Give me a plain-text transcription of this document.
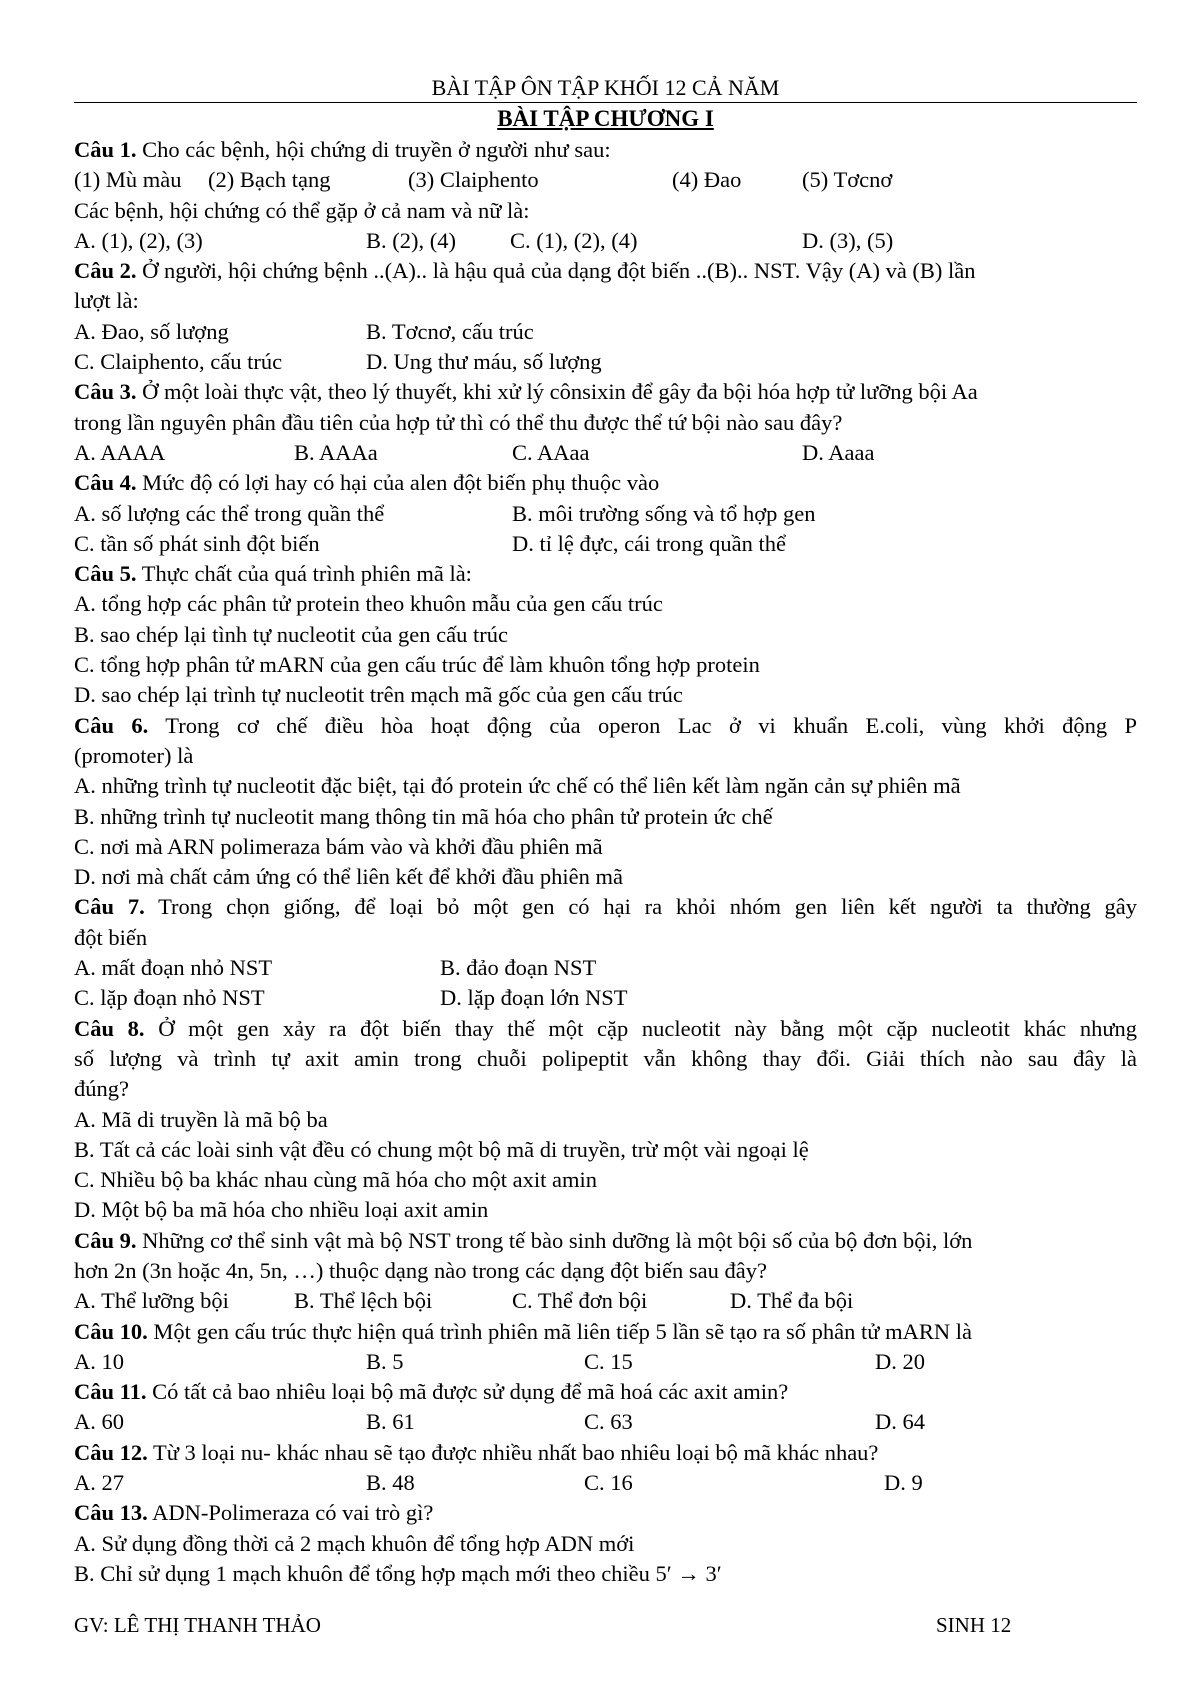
BÀI TẬP ÔN TẬP KHỐI 12 CẢ NĂM
BÀI TẬP CHƯƠNG I
Câu 1. Cho các bệnh, hội chứng di truyền ở người như sau:
(1) Mù màu (2) Bạch tạng	(3) Claiphento	(4) Đao	(5) Tơcnơ
Các bệnh, hội chứng có thể gặp ở cả nam và nữ là:
A. (1), (2), (3)	B. (2), (4) C. (1), (2), (4)	D. (3), (5)
Câu 2. Ở người, hội chứng bệnh ..(A).. là hậu quả của dạng đột biến ..(B).. NST. Vậy (A) và (B) lần
lượt là:
A. Đao, số lượng	B. Tơcnơ, cấu trúc
C. Claiphento, cấu trúc	D. Ung thư máu, số lượng
Câu 3. Ở một loài thực vật, theo lý thuyết, khi xử lý cônsixin để gây đa bội hóa hợp tử lưỡng bội Aa
trong lần nguyên phân đầu tiên của hợp tử thì có thể thu được thể tứ bội nào sau đây?
A. AAAA	B. AAAa	C. AAaa	D. Aaaa
Câu 4. Mức độ có lợi hay có hại của alen đột biến phụ thuộc vào
A. số lượng các thể trong quần thể	B. môi trường sống và tổ hợp gen
C. tần số phát sinh đột biến	D. tỉ lệ đực, cái trong quần thể
Câu 5. Thực chất của quá trình phiên mã là:
A. tổng hợp các phân tử protein theo khuôn mẫu của gen cấu trúc
B. sao chép lại tình tự nucleotit của gen cấu trúc
C. tổng hợp phân tử mARN của gen cấu trúc để làm khuôn tổng hợp protein
D. sao chép lại trình tự nucleotit trên mạch mã gốc của gen cấu trúc
Câu 6. Trong cơ chế điều hòa hoạt động của operon Lac ở vi khuẩn E.coli, vùng khởi động P
(promoter) là
A. những trình tự nucleotit đặc biệt, tại đó protein ức chế có thể liên kết làm ngăn cản sự phiên mã
B. những trình tự nucleotit mang thông tin mã hóa cho phân tử protein ức chế
C. nơi mà ARN polimeraza bám vào và khởi đầu phiên mã
D. nơi mà chất cảm ứng có thể liên kết để khởi đầu phiên mã
Câu 7. Trong chọn giống, để loại bỏ một gen có hại ra khỏi nhóm gen liên kết người ta thường gây
đột biến
A. mất đoạn nhỏ NST	B. đảo đoạn NST
C. lặp đoạn nhỏ NST	D. lặp đoạn lớn NST
Câu 8. Ở một gen xảy ra đột biến thay thế một cặp nucleotit này bằng một cặp nucleotit khác nhưng
số lượng và trình tự axit amin trong chuỗi polipeptit vẫn không thay đổi. Giải thích nào sau đây là
đúng?
A. Mã di truyền là mã bộ ba
B. Tất cả các loài sinh vật đều có chung một bộ mã di truyền, trừ một vài ngoại lệ
C. Nhiều bộ ba khác nhau cùng mã hóa cho một axit amin
D. Một bộ ba mã hóa cho nhiều loại axit amin
Câu 9. Những cơ thể sinh vật mà bộ NST trong tế bào sinh dưỡng là một bội số của bộ đơn bội, lớn
hơn 2n (3n hoặc 4n, 5n, …) thuộc dạng nào trong các dạng đột biến sau đây?
A. Thể lưỡng bội	B. Thể lệch bội	C. Thể đơn bội	D. Thể đa bội
Câu 10. Một gen cấu trúc thực hiện quá trình phiên mã liên tiếp 5 lần sẽ tạo ra số phân tử mARN là
A. 10	B. 5	C. 15	D. 20
Câu 11. Có tất cả bao nhiêu loại bộ mã được sử dụng để mã hoá các axit amin?
A. 60	B. 61	C. 63	D. 64
Câu 12. Từ 3 loại nu- khác nhau sẽ tạo được nhiều nhất bao nhiêu loại bộ mã khác nhau?
A. 27	B. 48	C. 16	D. 9
Câu 13. ADN-Polimeraza có vai trò gì?
A. Sử dụng đồng thời cả 2 mạch khuôn để tổng hợp ADN mới
B. Chỉ sử dụng 1 mạch khuôn để tổng hợp mạch mới theo chiều 5′ → 3′
GV: LÊ THỊ THANH THẢO	SINH 12
